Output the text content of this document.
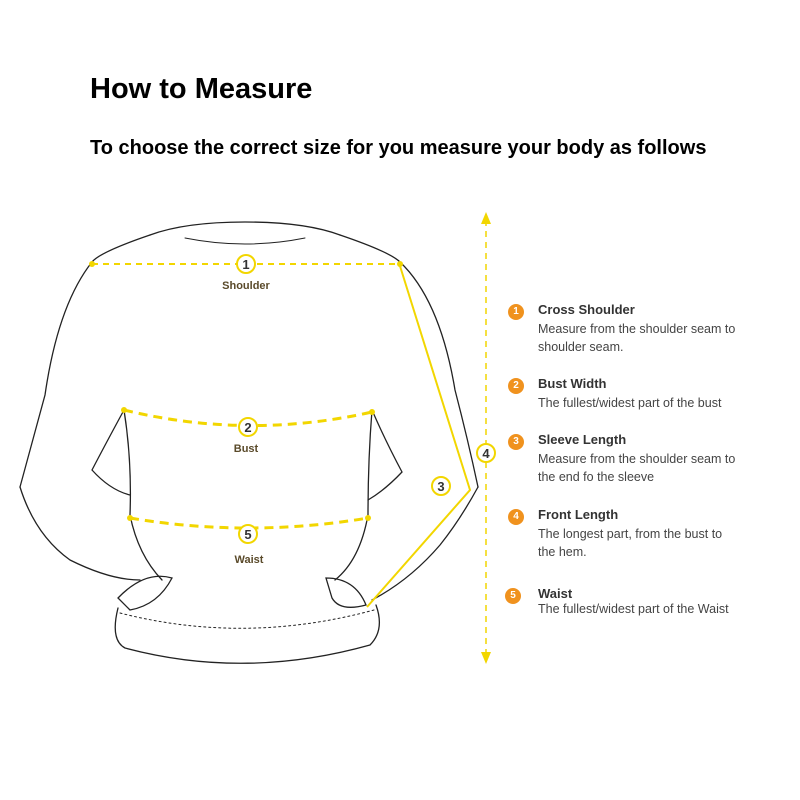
How to Measure
To choose the correct size for you measure your body as follows
1
2
3
4
5
Shoulder
Bust
Waist
1	Cross Shoulder
Measure from the shoulder seam to shoulder seam.
2	Bust Width
The fullest/widest part of the bust
3	Sleeve Length
Measure from the shoulder seam to the end fo the sleeve
4	Front Length
The longest part, from the bust to the hem.
5	Waist
The fullest/widest part of the Waist
